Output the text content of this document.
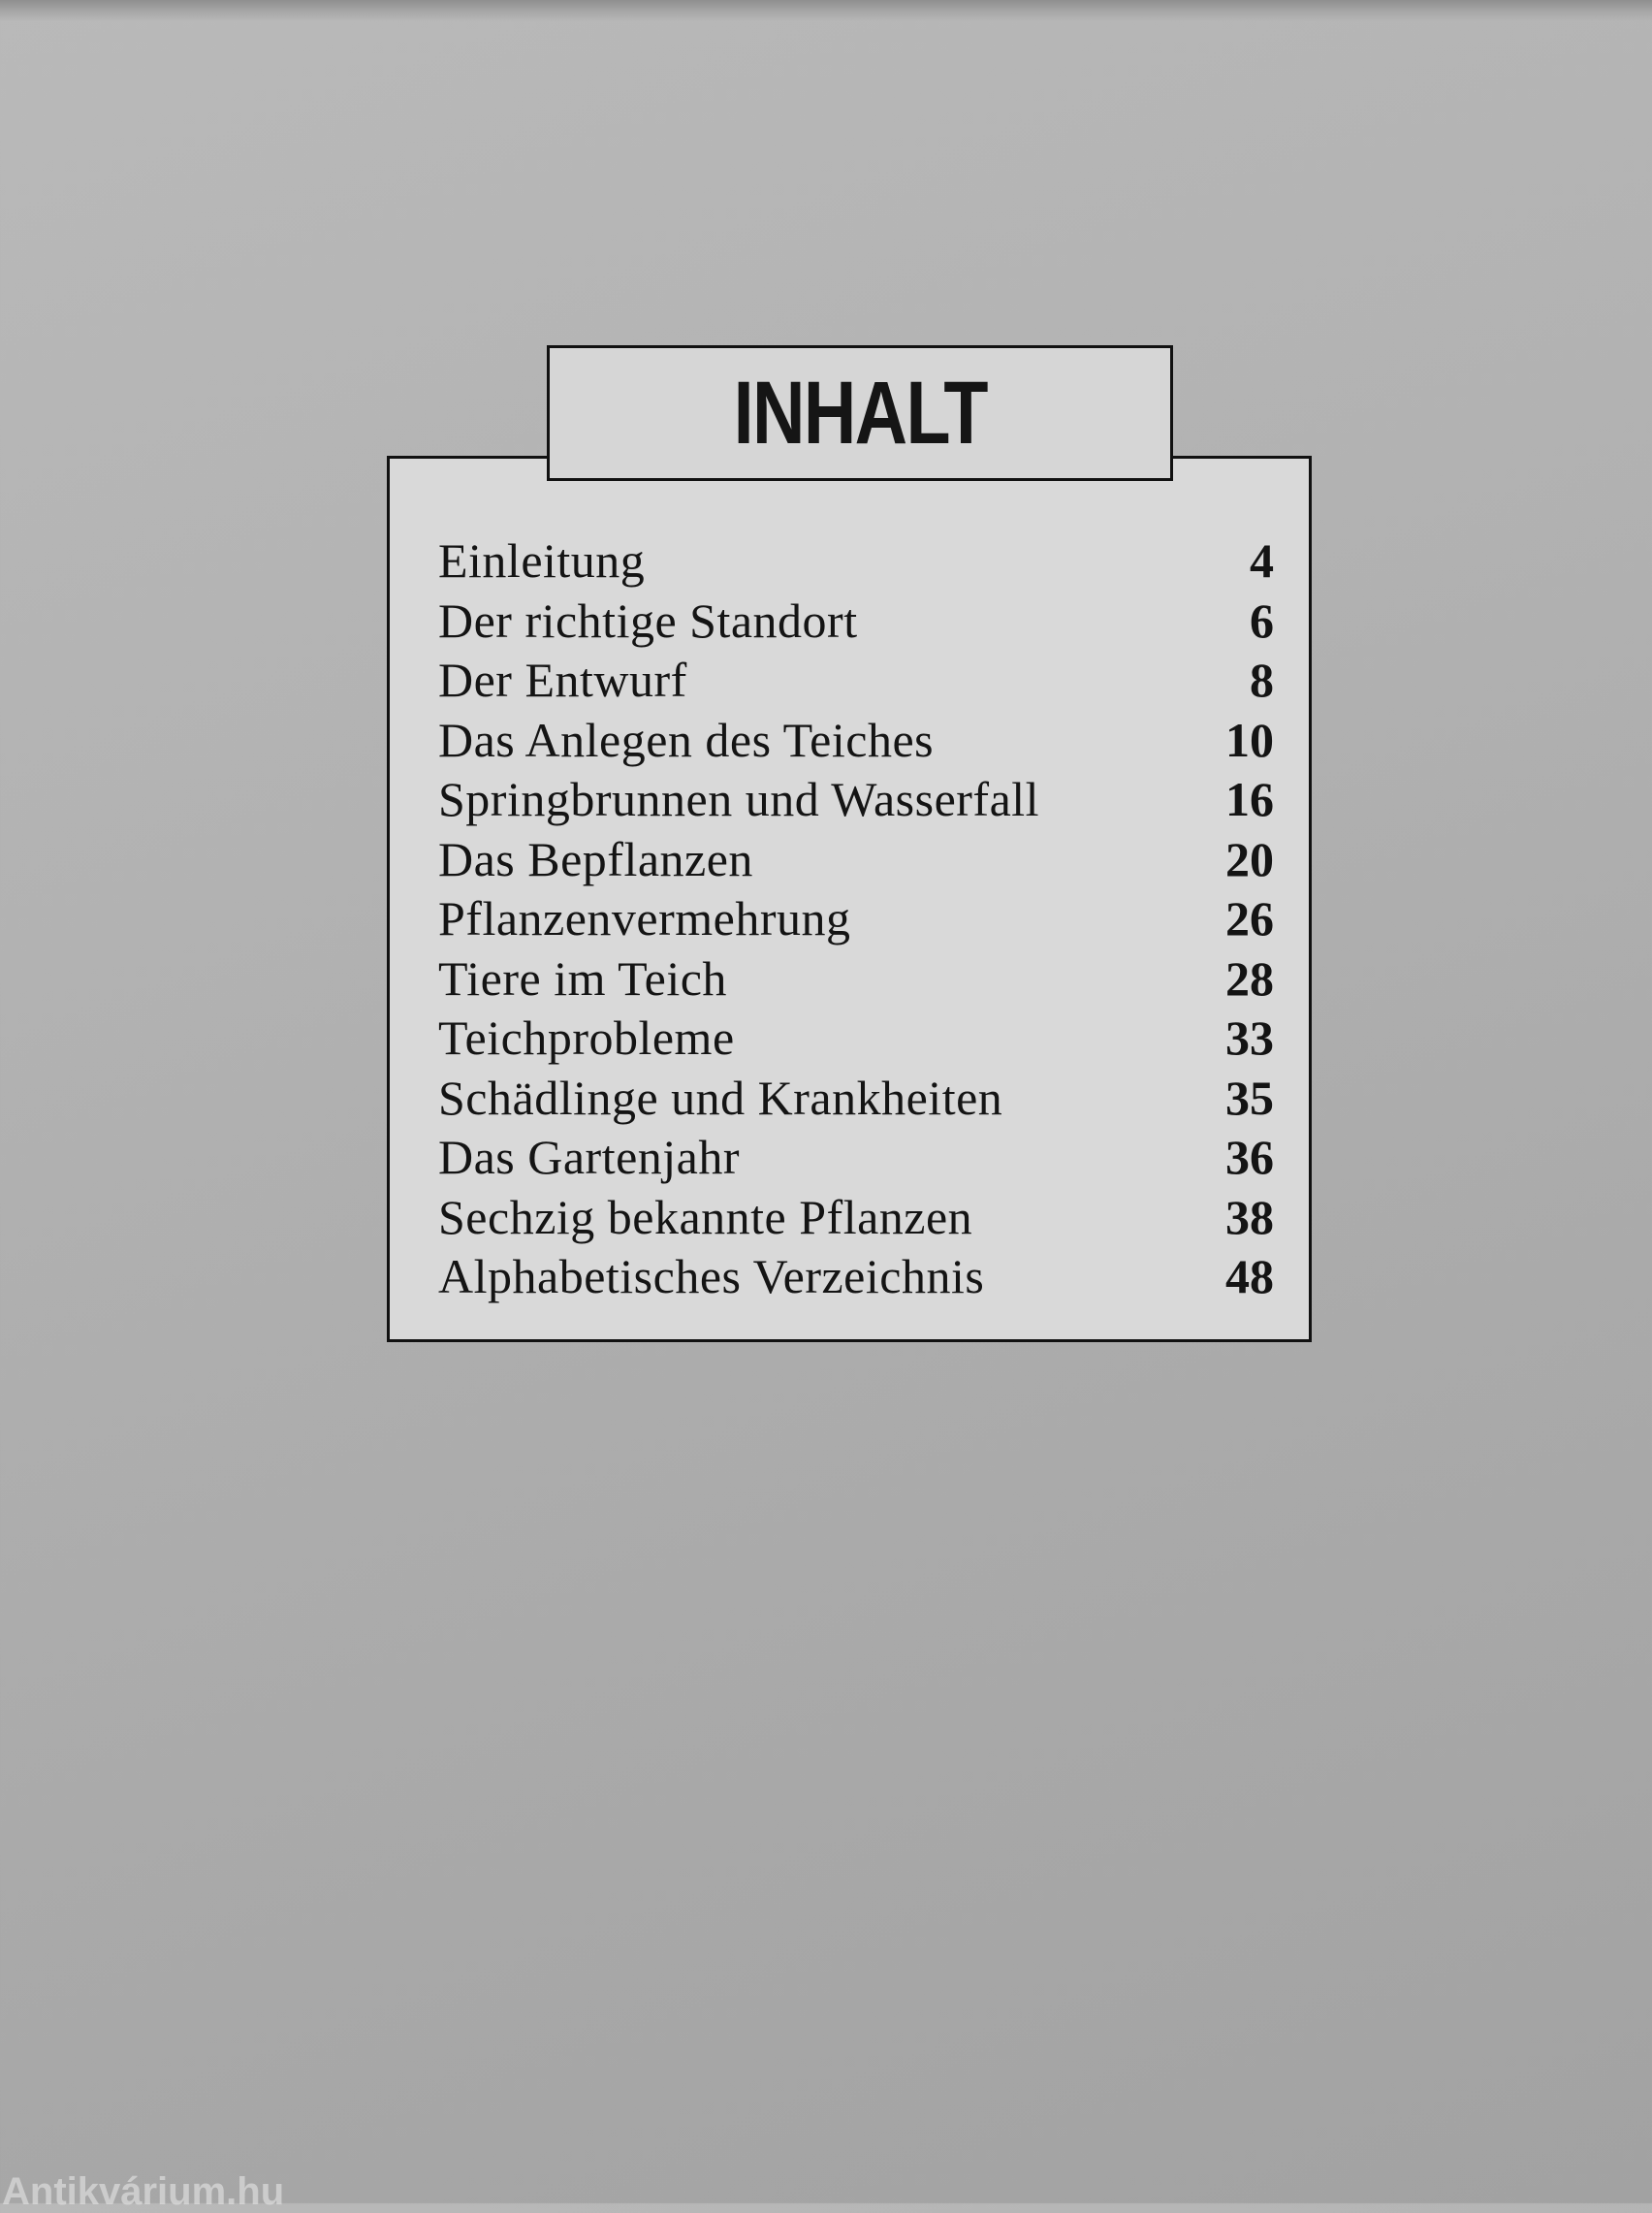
INHALT
Einleitung	4
Der richtige Standort	6
Der Entwurf	8
Das Anlegen des Teiches	10
Springbrunnen und Wasserfall	16
Das Bepflanzen	20
Pflanzenvermehrung	26
Tiere im Teich	28
Teichprobleme	33
Schädlinge und Krankheiten	35
Das Gartenjahr	36
Sechzig bekannte Pflanzen	38
Alphabetisches Verzeichnis	48
Antikvárium.hu
